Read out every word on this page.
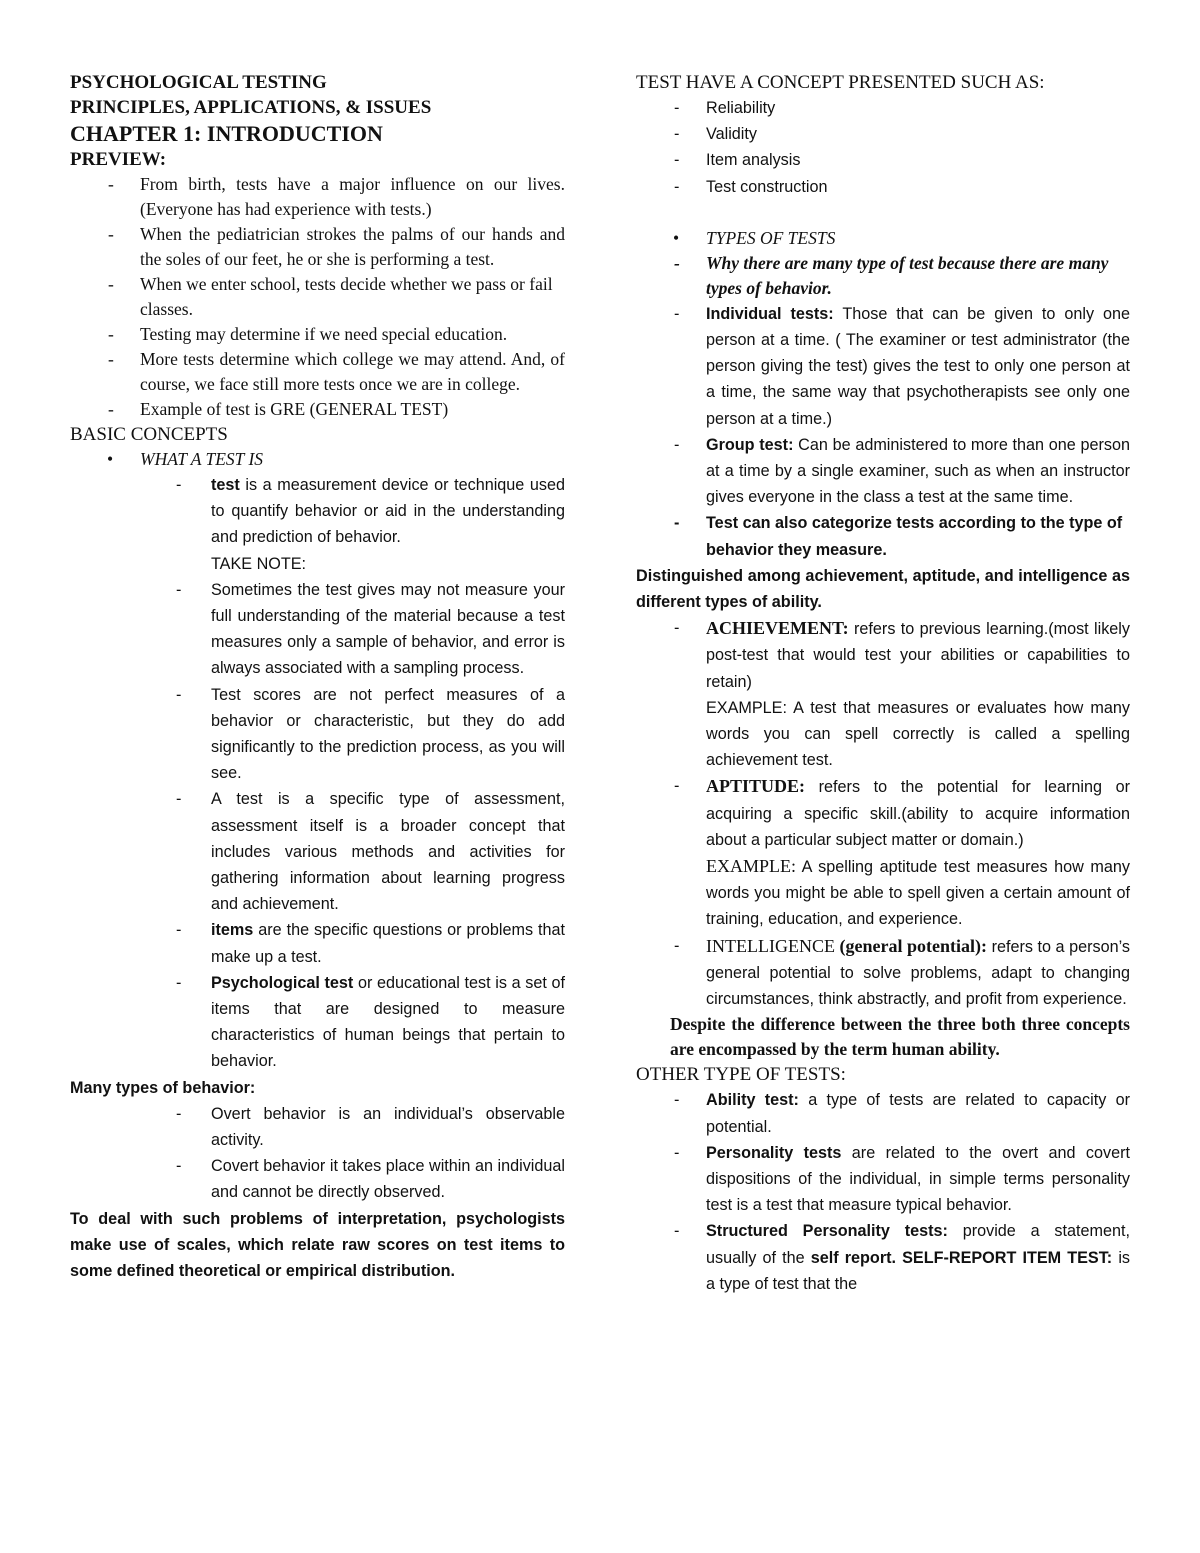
PSYCHOLOGICAL TESTING

PRINCIPLES, APPLICATIONS, & ISSUES

CHAPTER 1: INTRODUCTION

PREVIEW:

- From birth, tests have a major influence on our lives. (Everyone has had experience with tests.)

- When the pediatrician strokes the palms of our hands and the soles of our feet, he or she is performing a test.

- When we enter school, tests decide whether we pass or fail classes.

- Testing may determine if we need special education.

- More tests determine which college we may attend. And, of course, we face still more tests once we are in college.

- Example of test is GRE (GENERAL TEST)

BASIC CONCEPTS

• WHAT A TEST IS

- test is a measurement device or technique used to quantify behavior or aid in the understanding and prediction of behavior.

TAKE NOTE:

- Sometimes the test gives may not measure your full understanding of the material because a test measures only a sample of behavior, and error is always associated with a sampling process.

- Test scores are not perfect measures of a behavior or characteristic, but they do add significantly to the prediction process, as you will see.

- A test is a specific type of assessment, assessment itself is a broader concept that includes various methods and activities for gathering information about learning progress and achievement.

- items are the specific questions or problems that make up a test.

- Psychological test or educational test is a set of items that are designed to measure characteristics of human beings that pertain to behavior.

Many types of behavior:

- Overt behavior is an individual’s observable activity.

- Covert behavior it takes place within an individual and cannot be directly observed.

To deal with such problems of interpretation, psychologists make use of scales, which relate raw scores on test items to some defined theoretical or empirical distribution.

TEST HAVE A CONCEPT PRESENTED SUCH AS:

- Reliability

- Validity

- Item analysis

- Test construction

• TYPES OF TESTS

- Why there are many type of test because there are many types of behavior.

- Individual tests: Those that can be given to only one person at a time. ( The examiner or test administrator (the person giving the test) gives the test to only one person at a time, the same way that psychotherapists see only one person at a time.)

- Group test: Can be administered to more than one person at a time by a single examiner, such as when an instructor gives everyone in the class a test at the same time.

- Test can also categorize tests according to the type of behavior they measure.

Distinguished among achievement, aptitude, and intelligence as different types of ability.

- ACHIEVEMENT: refers to previous learning.(most likely post-test that would test your abilities or capabilities to retain)

EXAMPLE: A test that measures or evaluates how many words you can spell correctly is called a spelling achievement test.

- APTITUDE: refers to the potential for learning or acquiring a specific skill.(ability to acquire information about a particular subject matter or domain.)

EXAMPLE: A spelling aptitude test measures how many words you might be able to spell given a certain amount of training, education, and experience.

- INTELLIGENCE (general potential): refers to a person’s general potential to solve problems, adapt to changing circumstances, think abstractly, and profit from experience.

Despite the difference between the three both three concepts are encompassed by the term human ability.

OTHER TYPE OF TESTS:

- Ability test: a type of tests are related to capacity or potential.

- Personality tests are related to the overt and covert dispositions of the individual, in simple terms personality test is a test that measure typical behavior.

- Structured Personality tests: provide a statement, usually of the self report. SELF-REPORT ITEM TEST: is a type of test that the
